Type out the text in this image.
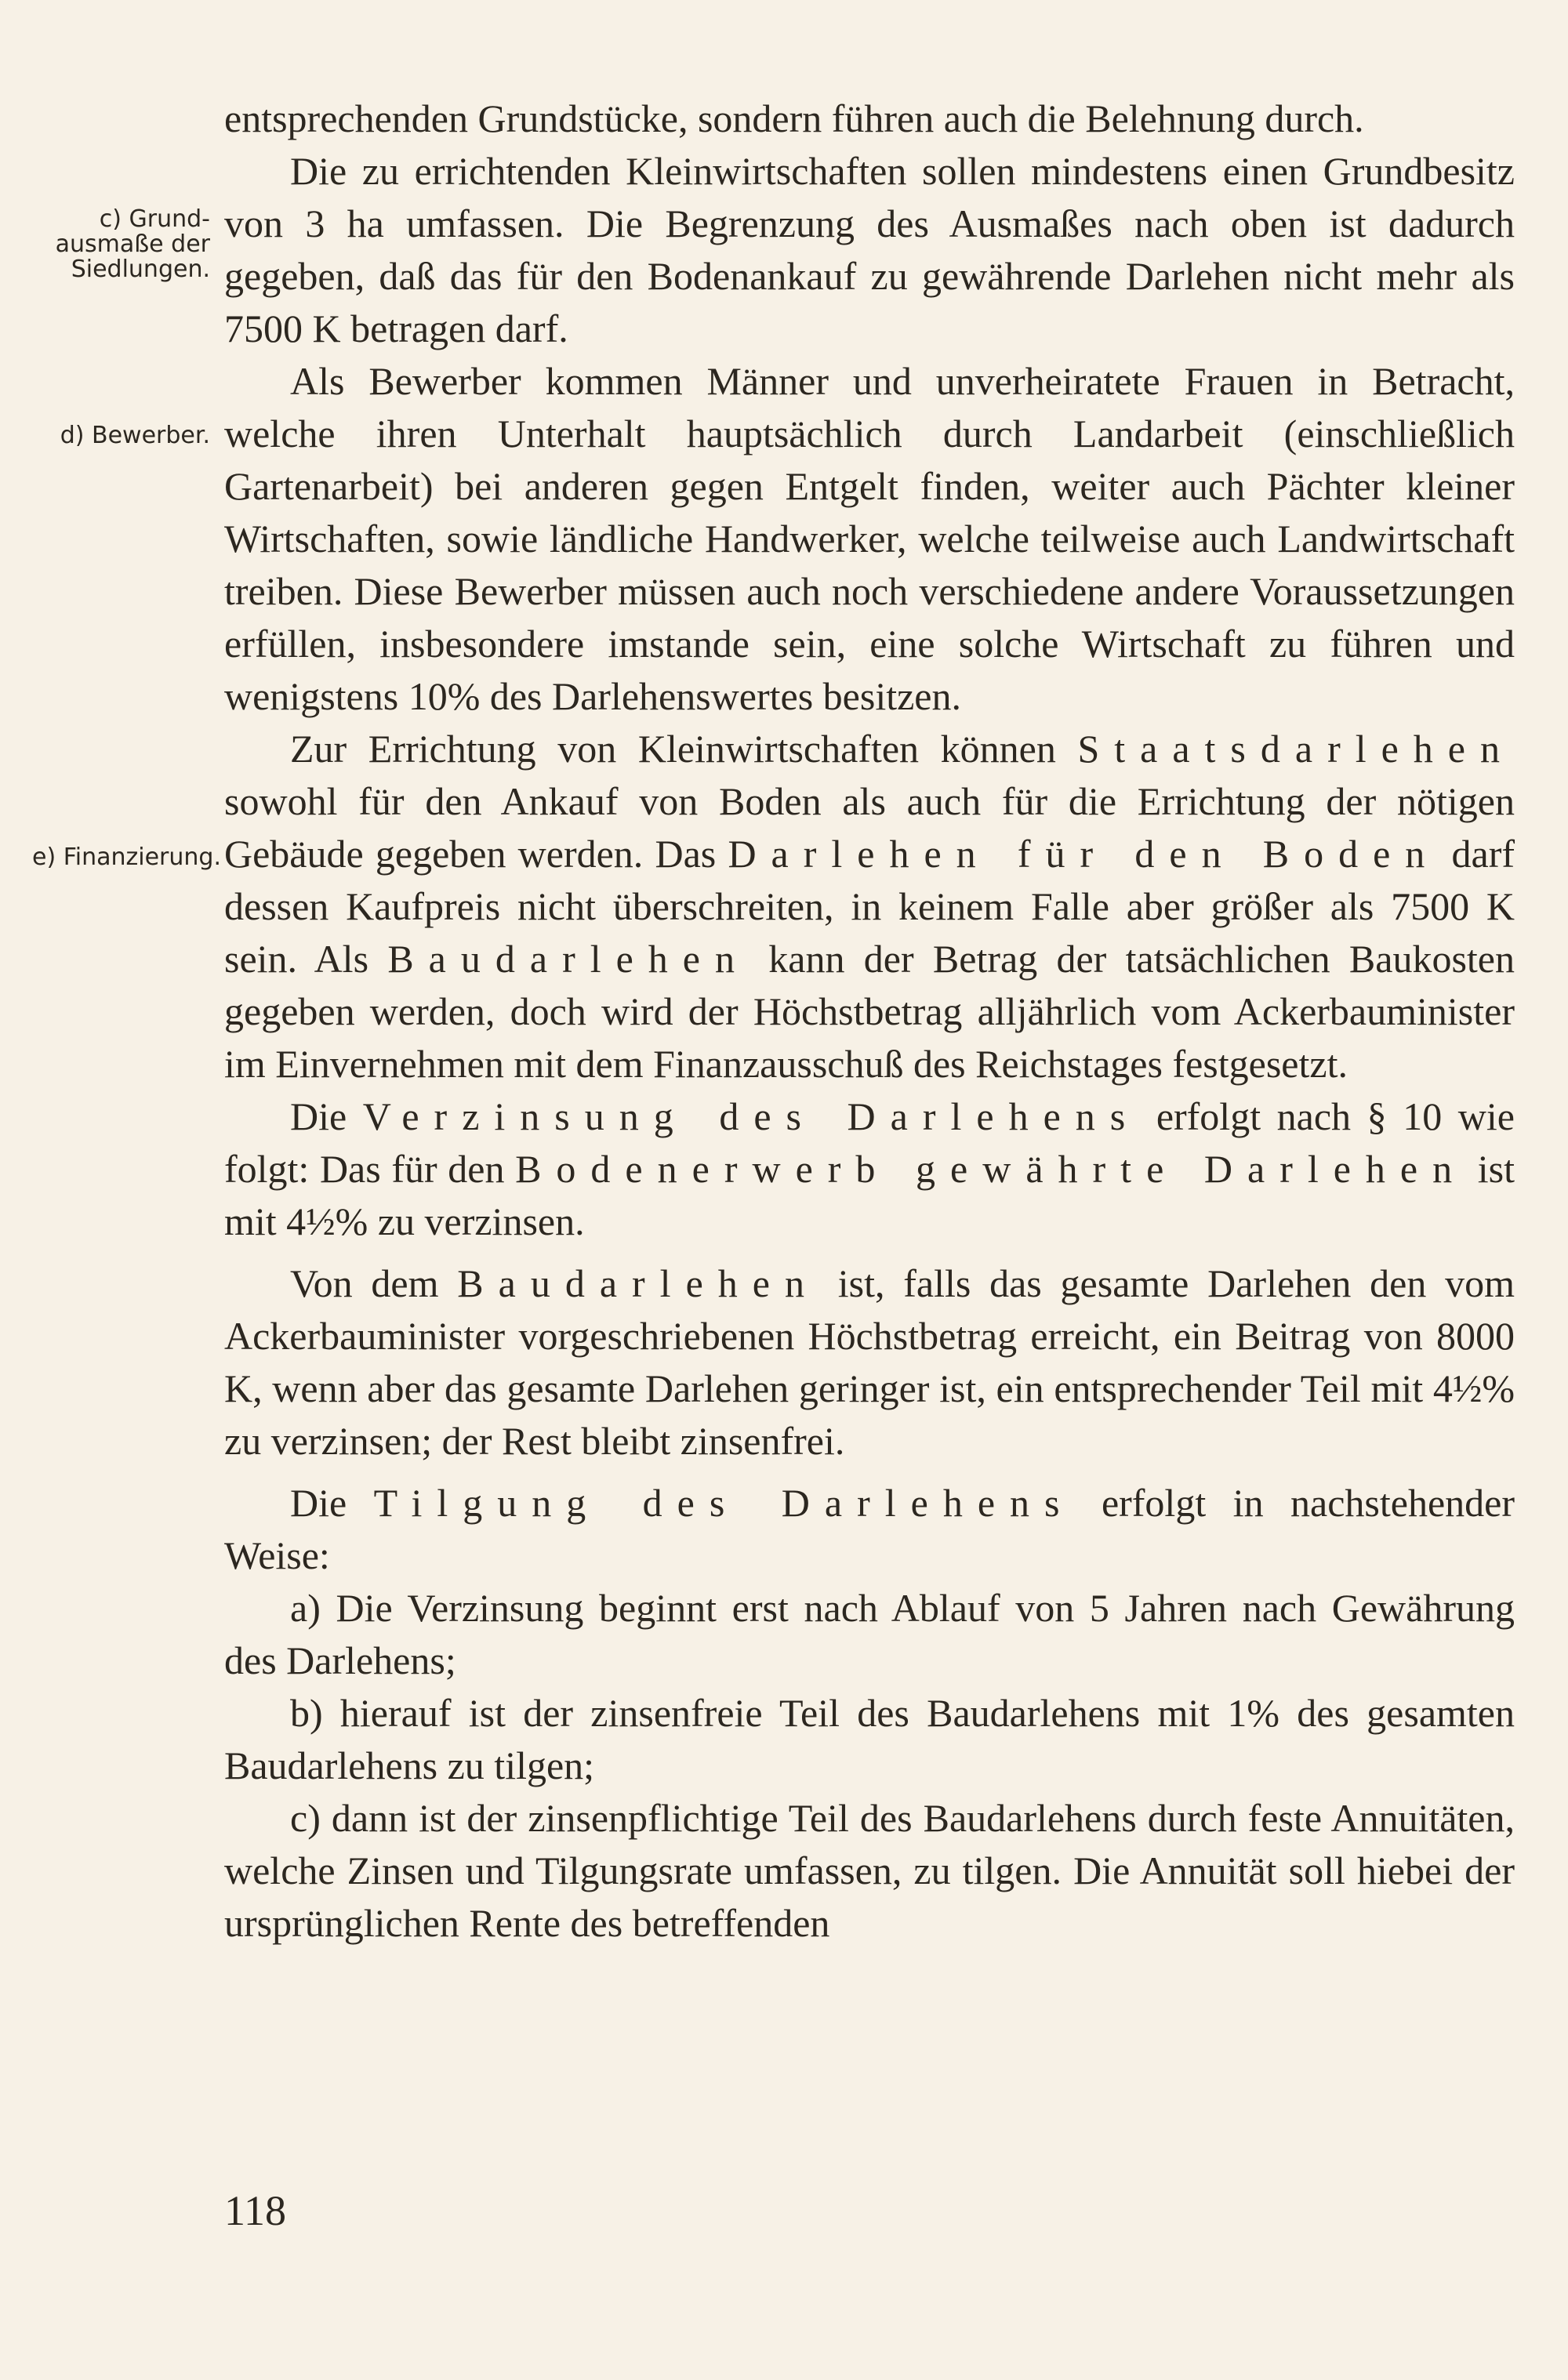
c) Grund-
ausmaße der
Siedlungen.
d) Bewerber.
e) Finanzierung.

entsprechenden Grundstücke, sondern führen auch die Belehnung durch.

Die zu errichtenden Kleinwirtschaften sollen mindestens einen Grundbesitz von 3 ha umfassen. Die Begrenzung des Ausmaßes nach oben ist dadurch gegeben, daß das für den Bodenankauf zu gewährende Darlehen nicht mehr als 7500 K betragen darf.

Als Bewerber kommen Männer und unverheiratete Frauen in Betracht, welche ihren Unterhalt hauptsächlich durch Landarbeit (einschließlich Gartenarbeit) bei anderen gegen Entgelt finden, weiter auch Pächter kleiner Wirtschaften, sowie ländliche Handwerker, welche teilweise auch Landwirtschaft treiben. Diese Bewerber müssen auch noch verschiedene andere Voraussetzungen erfüllen, insbesondere imstande sein, eine solche Wirtschaft zu führen und wenigstens 10% des Darlehenswertes besitzen.

Zur Errichtung von Kleinwirtschaften können Staatsdarlehen sowohl für den Ankauf von Boden als auch für die Errichtung der nötigen Gebäude gegeben werden. Das Darlehen für den Boden darf dessen Kaufpreis nicht überschreiten, in keinem Falle aber größer als 7500 K sein. Als Baudarlehen kann der Betrag der tatsächlichen Baukosten gegeben werden, doch wird der Höchstbetrag alljährlich vom Ackerbauminister im Einvernehmen mit dem Finanzausschuß des Reichstages festgesetzt.

Die Verzinsung des Darlehens erfolgt nach § 10 wie folgt: Das für den Bodenerwerb gewährte Darlehen ist mit 4½% zu verzinsen.

Von dem Baudarlehen ist, falls das gesamte Darlehen den vom Ackerbauminister vorgeschriebenen Höchstbetrag erreicht, ein Beitrag von 8000 K, wenn aber das gesamte Darlehen geringer ist, ein entsprechender Teil mit 4½% zu verzinsen; der Rest bleibt zinsenfrei.

Die Tilgung des Darlehens erfolgt in nachstehender Weise:

a) Die Verzinsung beginnt erst nach Ablauf von 5 Jahren nach Gewährung des Darlehens;

b) hierauf ist der zinsenfreie Teil des Baudarlehens mit 1% des gesamten Baudarlehens zu tilgen;

c) dann ist der zinsenpflichtige Teil des Baudarlehens durch feste Annuitäten, welche Zinsen und Tilgungsrate umfassen, zu tilgen. Die Annuität soll hiebei der ursprünglichen Rente des betreffenden

118
